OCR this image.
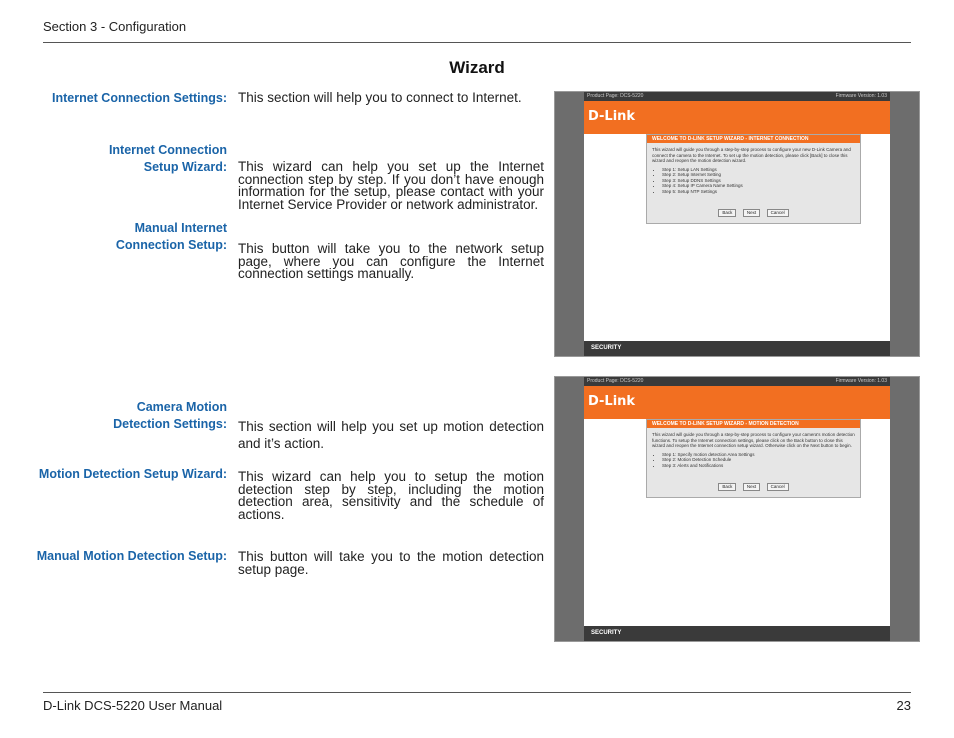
Section 3 - Configuration
Wizard
Internet Connection Settings: This section will help you to connect to Internet.
Internet Connection Setup Wizard: This wizard can help you set up the Internet connection step by step. If you don’t have enough information for the setup, please contact with your Internet Service Provider or network administrator.
Manual Internet Connection Setup: This button will take you to the network setup page, where you can configure the Internet connection settings manually.
Product Page: DCS-5220	Firmware Version: 1.03
D-Link
WELCOME TO D-LINK SETUP WIZARD - INTERNET CONNECTION
This wizard will guide you through a step-by-step process to configure your new D-Link Camera and connect the camera to the Internet. To set up the motion detection, please click [Back] to close this wizard and reopen the motion detection wizard.
• Step 1: Setup LAN Settings
• Step 2: Setup Internet Setting
• Step 3: Setup DDNS Settings
• Step 4: Setup IP Camera Name Settings
• Step 5: Setup NTP Settings
Back	Next	Cancel
SECURITY
Camera Motion Detection Settings: This section will help you set up motion detection and it’s action.
Motion Detection Setup Wizard: This wizard can help you to setup the motion detection step by step, including the motion detection area, sensitivity and the schedule of actions.
Manual Motion Detection Setup: This button will take you to the motion detection setup page.
Product Page: DCS-5220	Firmware Version: 1.03
D-Link
WELCOME TO D-LINK SETUP WIZARD - MOTION DETECTION
This wizard will guide you through a step-by-step process to configure your camera's motion detection functions. To setup the Internet connection settings, please click on the Back button to close this wizard and reopen the Internet connection setup wizard. Otherwise click on the Next button to begin.
• Step 1: Specify motion detection Area Settings
• Step 2: Motion Detection Schedule
• Step 3: Alerts and Notifications
Back	Next	Cancel
SECURITY
D-Link DCS-5220 User Manual	23
